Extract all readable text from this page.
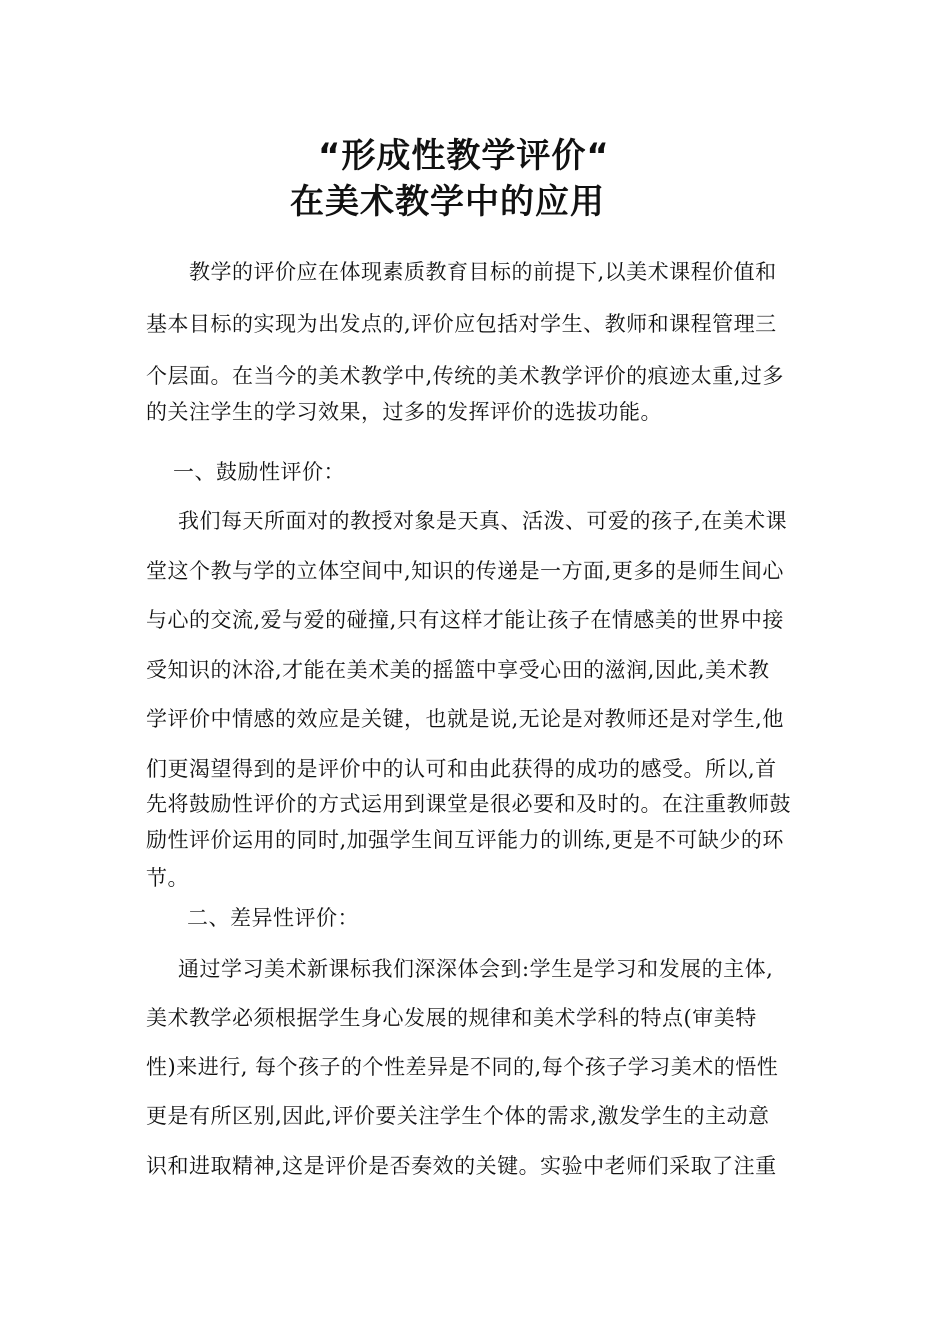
“形成性教学评价“
在美术教学中的应用
教学的评价应在体现素质教育目标的前提下,以美术课程价值和
基本目标的实现为出发点的,评价应包括对学生、教师和课程管理三
个层面。在当今的美术教学中,传统的美术教学评价的痕迹太重,过多
的关注学生的学习效果，过多的发挥评价的选拔功能。
一、鼓励性评价：
我们每天所面对的教授对象是天真、活泼、可爱的孩子,在美术课
堂这个教与学的立体空间中,知识的传递是一方面,更多的是师生间心
与心的交流,爱与爱的碰撞,只有这样才能让孩子在情感美的世界中接
受知识的沐浴,才能在美术美的摇篮中享受心田的滋润,因此,美术教
学评价中情感的效应是关键，也就是说,无论是对教师还是对学生,他
们更渴望得到的是评价中的认可和由此获得的成功的感受。所以,首
先将鼓励性评价的方式运用到课堂是很必要和及时的。在注重教师鼓
励性评价运用的同时,加强学生间互评能力的训练,更是不可缺少的环
节。
二、差异性评价：
通过学习美术新课标我们深深体会到:学生是学习和发展的主体,
美术教学必须根据学生身心发展的规律和美术学科的特点(审美特
性)来进行, 每个孩子的个性差异是不同的,每个孩子学习美术的悟性
更是有所区别,因此,评价要关注学生个体的需求,激发学生的主动意
识和进取精神,这是评价是否奏效的关键。实验中老师们采取了注重
